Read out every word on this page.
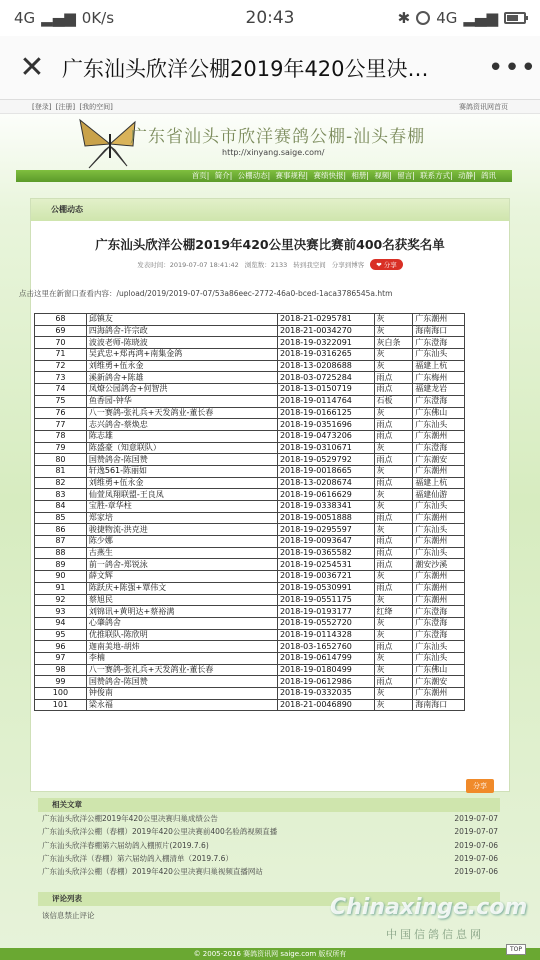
4G ▂▄▆ 0K/s	20:43	✱ 4G ▂▄▆
✕ 广东汕头欣洋公棚2019年420公里决…	•••
[登录] [注册] [我的空间]	赛鸽资讯网首页
广东省汕头市欣洋赛鸽公棚-汕头春棚
http://xinyang.saige.com/
首页| 简介| 公棚动态| 赛事规程| 赛绩快报| 相册| 视频| 留言| 联系方式| 动静| 鸽讯
公棚动态
广东汕头欣洋公棚2019年420公里决赛比赛前400名获奖名单
发表时间：2019-07-07 18:41:42 浏览数：2133 转到我空间 分享到博客	❤ 分享
点击这里在新窗口查看内容：/upload/2019/2019-07-07/53a86eec-2772-46a0-bced-1aca3786545a.htm
68	邱镇友	2018-21-0295781	灰	广东潮州
69	四海鸽舍-许宗政	2018-21-0034270	灰	海南海口
70	波波老师-陈晓波	2018-19-0322091	灰白条	广东澄海
71	吴武忠+郑再鸿+南集金鸽	2018-19-0316265	灰	广东汕头
72	刘维勇+伍永金	2018-13-0208688	灰	福建上杭
73	溪新鸽舍+陈雄	2018-03-0725284	雨点	广东梅州
74	凤燎公园鸽舍+何智洪	2018-13-0150719	雨点	福建龙岩
75	鱼香园-钟华	2018-19-0114764	石板	广东澄海
76	八一赛鸽-张礼兵+天发鸽业-董长春	2018-19-0166125	灰	广东佛山
77	志兴鸽舍-蔡焕忠	2018-19-0351696	雨点	广东汕头
78	陈志雄	2018-19-0473206	雨点	广东潮州
79	陈盛豪（知意联队）	2018-19-0310671	灰	广东澄海
80	国赞鸽舍-陈国赞	2018-19-0529792	雨点	广东潮安
81	轩逸561-陈丽如	2018-19-0018665	灰	广东潮州
82	刘维勇+伍永金	2018-13-0208674	雨点	福建上杭
83	仙萱凤翔联盟-王良凤	2018-19-0616629	灰	福建仙游
84	宝胜-章华柱	2018-19-0338341	灰	广东汕头
85	郑家培	2018-19-0051888	雨点	广东潮州
86	骏捷物流-洪克进	2018-19-0295597	灰	广东汕头
87	陈少娜	2018-19-0093647	雨点	广东潮州
88	古燕生	2018-19-0365582	雨点	广东汕头
89	前一鸽舍-郑锐泳	2018-19-0254531	雨点	潮安沙溪
90	薛文辉	2018-19-0036721	灰	广东潮州
91	陈跃庆+陈强+覃伟文	2018-19-0530991	雨点	广东潮州
92	蔡旭民	2018-19-0551175	灰	广东潮州
93	刘锦讯+黄明达+蔡裕满	2018-19-0193177	红绛	广东澄海
94	心肇鸽舍	2018-19-0552720	灰	广东澄海
95	优推联队-陈欣明	2018-19-0114328	灰	广东澄海
96	迦南美地-胡炜	2018-03-1652760	雨点	广东汕头
97	李楠	2018-19-0614799	灰	广东汕头
98	八一赛鸽-张礼兵+天发鸽业-董长春	2018-19-0180499	灰	广东佛山
99	国赞鸽舍-陈国赞	2018-19-0612986	雨点	广东潮安
100	钟俊南	2018-19-0332035	灰	广东潮州
101	梁永福	2018-21-0046890	灰	海南海口
分享
相关文章
广东汕头欣洋公棚2019年420公里决赛归巢成绩公告	2019-07-07
广东汕头欣洋公棚（春棚）2019年420公里决赛前400名验鸽视频直播	2019-07-07
广东汕头欣洋春棚第六届幼鸽入棚照片(2019.7.6)	2019-07-06
广东汕头欣洋（春棚）第六届幼鸽入棚清单（2019.7.6）	2019-07-06
广东汕头欣洋公棚（春棚）2019年420公里决赛归巢视频直播网站	2019-07-06
评论列表
该信息禁止评论	Chinaxinge.com
中国信鸽信息网
© 2005-2016 赛鸽资讯网 saige.com 版权所有
TOP
